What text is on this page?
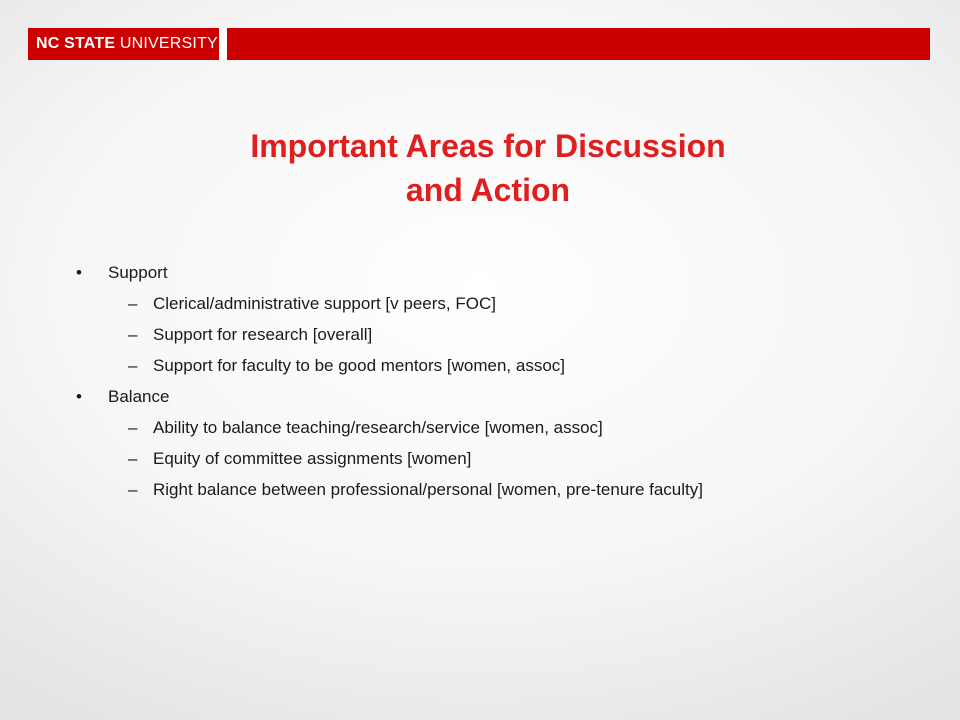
NC STATE UNIVERSITY
Important Areas for Discussion
and Action
• Support
– Clerical/administrative support [v peers, FOC]
– Support for research [overall]
– Support for faculty to be good mentors [women, assoc]
• Balance
– Ability to balance teaching/research/service [women, assoc]
– Equity of committee assignments [women]
– Right balance between professional/personal [women, pre-tenure faculty]
